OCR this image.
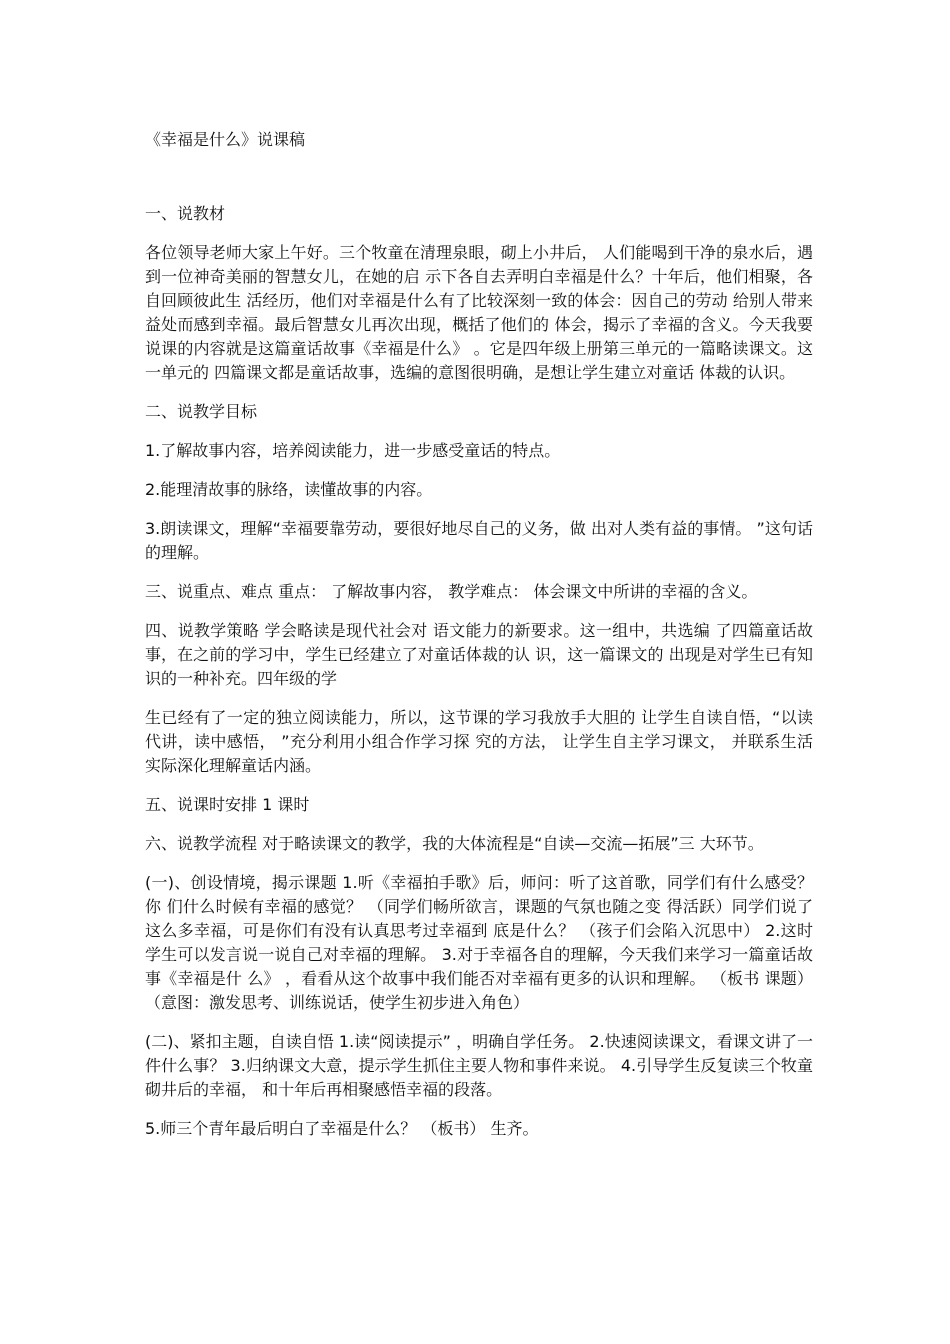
《幸福是什么》说课稿

一、说教材

各位领导老师大家上午好。三个牧童在清理泉眼，砌上小井后， 人们能喝到干净的泉水后，遇到一位神奇美丽的智慧女儿，在她的启 示下各自去弄明白幸福是什么？十年后，他们相聚，各自回顾彼此生 活经历，他们对幸福是什么有了比较深刻一致的体会：因自己的劳动 给别人带来益处而感到幸福。最后智慧女儿再次出现，概括了他们的 体会，揭示了幸福的含义。今天我要说课的内容就是这篇童话故事《幸福是什么》 。它是四年级上册第三单元的一篇略读课文。这一单元的 四篇课文都是童话故事，选编的意图很明确，是想让学生建立对童话 体裁的认识。

二、说教学目标

1.了解故事内容，培养阅读能力，进一步感受童话的特点。

2.能理清故事的脉络，读懂故事的内容。

3.朗读课文，理解“幸福要靠劳动，要很好地尽自己的义务，做 出对人类有益的事情。 ”这句话的理解。

三、说重点、难点 重点： 了解故事内容， 教学难点： 体会课文中所讲的幸福的含义。

四、说教学策略 学会略读是现代社会对 语文能力的新要求。这一组中，共选编 了四篇童话故事，在之前的学习中，学生已经建立了对童话体裁的认 识，这一篇课文的 出现是对学生已有知识的一种补充。四年级的学

生已经有了一定的独立阅读能力，所以，这节课的学习我放手大胆的 让学生自读自悟，“以读代讲，读中感悟， ”充分利用小组合作学习探 究的方法， 让学生自主学习课文， 并联系生活实际深化理解童话内涵。

五、说课时安排 1 课时

六、说教学流程 对于略读课文的教学，我的大体流程是“自读—交流—拓展”三 大环节。

(一)、创设情境，揭示课题 1.听《幸福拍手歌》后，师问：听了这首歌，同学们有什么感受？你 们什么时候有幸福的感觉？ （同学们畅所欲言，课题的气氛也随之变 得活跃）同学们说了这么多幸福，可是你们有没有认真思考过幸福到 底是什么？ （孩子们会陷入沉思中） 2.这时学生可以发言说一说自己对幸福的理解。 3.对于幸福各自的理解，今天我们来学习一篇童话故事《幸福是什 么》 ，看看从这个故事中我们能否对幸福有更多的认识和理解。 （板书 课题） （意图：激发思考、训练说话，使学生初步进入角色）

(二)、紧扣主题，自读自悟 1.读“阅读提示” ，明确自学任务。 2.快速阅读课文，看课文讲了一件什么事？ 3.归纳课文大意，提示学生抓住主要人物和事件来说。 4.引导学生反复读三个牧童砌井后的幸福， 和十年后再相聚感悟幸福的段落。

5.师三个青年最后明白了幸福是什么？ （板书） 生齐。
